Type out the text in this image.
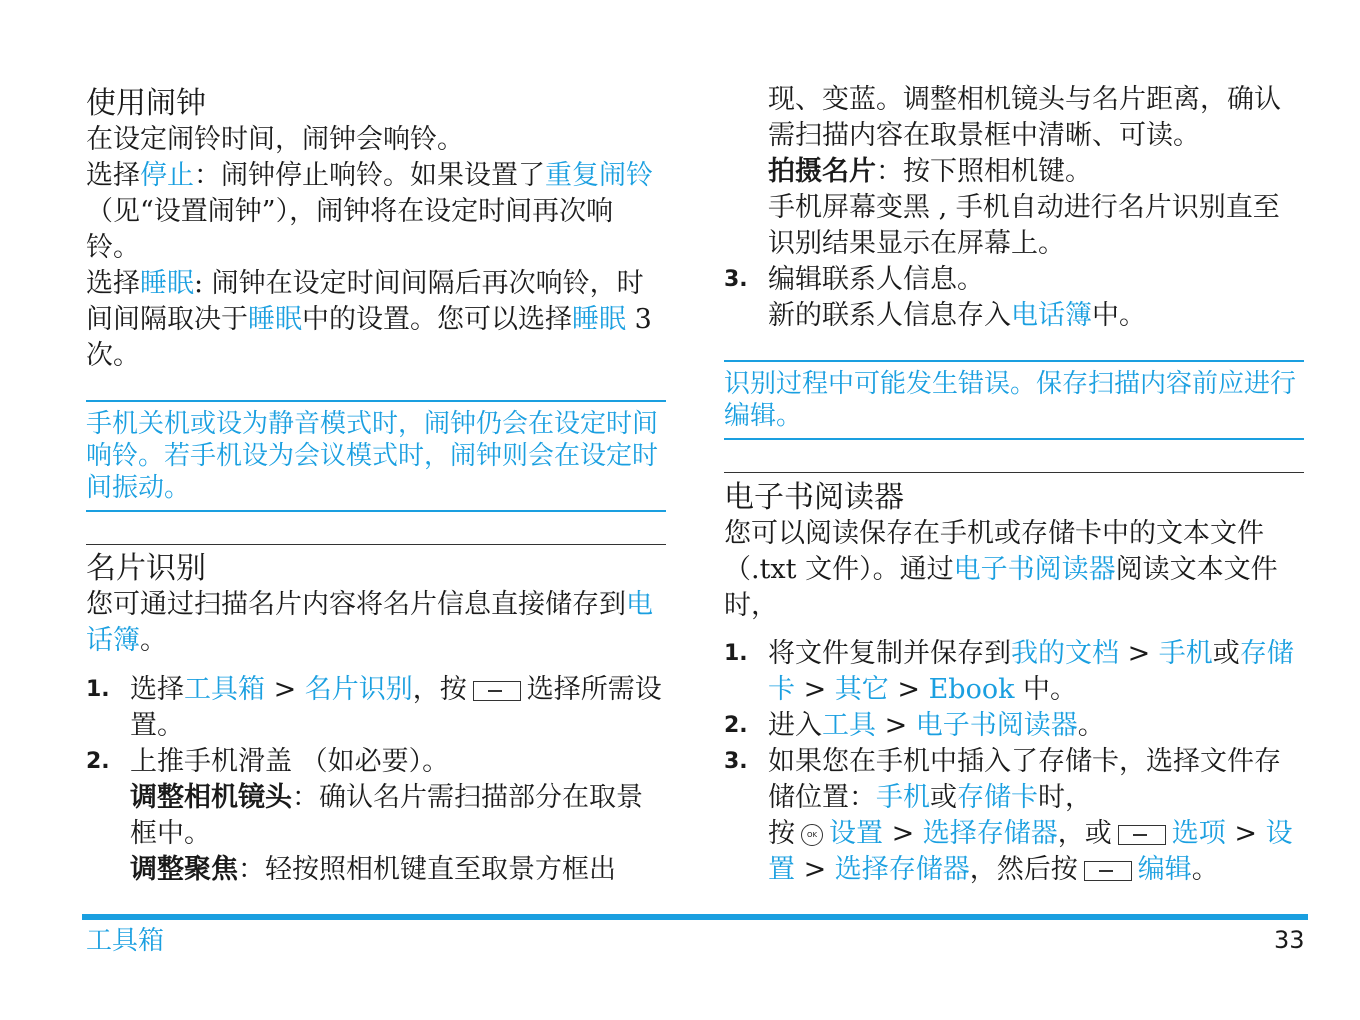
使用闹钟

在设定闹铃时间，闹钟会响铃。

选择停止：闹钟停止响铃。如果设置了重复闹铃（见“设置闹钟”），闹钟将在设定时间再次响铃。

选择睡眠: 闹钟在设定时间间隔后再次响铃，时间间隔取决于睡眠中的设置。您可以选择睡眠 3 次。

手机关机或设为静音模式时，闹钟仍会在设定时间响铃。若手机设为会议模式时，闹钟则会在设定时间振动。

名片识别

您可通过扫描名片内容将名片信息直接储存到电话簿。

1. 选择工具箱 > 名片识别，按 选择所需设置。
2. 上推手机滑盖 （如必要）。
调整相机镜头：确认名片需扫描部分在取景框中。
调整聚焦：轻按照相机键直至取景方框出
现、变蓝。调整相机镜头与名片距离，确认需扫描内容在取景框中清晰、可读。
拍摄名片：按下照相机键。
手机屏幕变黑 , 手机自动进行名片识别直至识别结果显示在屏幕上。
3. 编辑联系人信息。
新的联系人信息存入电话簿中。

识别过程中可能发生错误。保存扫描内容前应进行编辑。

电子书阅读器

您可以阅读保存在手机或存储卡中的文本文件（.txt 文件）。通过电子书阅读器阅读文本文件时，

1. 将文件复制并保存到我的文档 > 手机或存储卡 > 其它 > Ebook 中。
2. 进入工具 > 电子书阅读器。
3. 如果您在手机中插入了存储卡，选择文件存储位置：手机或存储卡时，
按 OK 设置 > 选择存储器，或 选项 > 设置 > 选择存储器，然后按 编辑。
工具箱	33
